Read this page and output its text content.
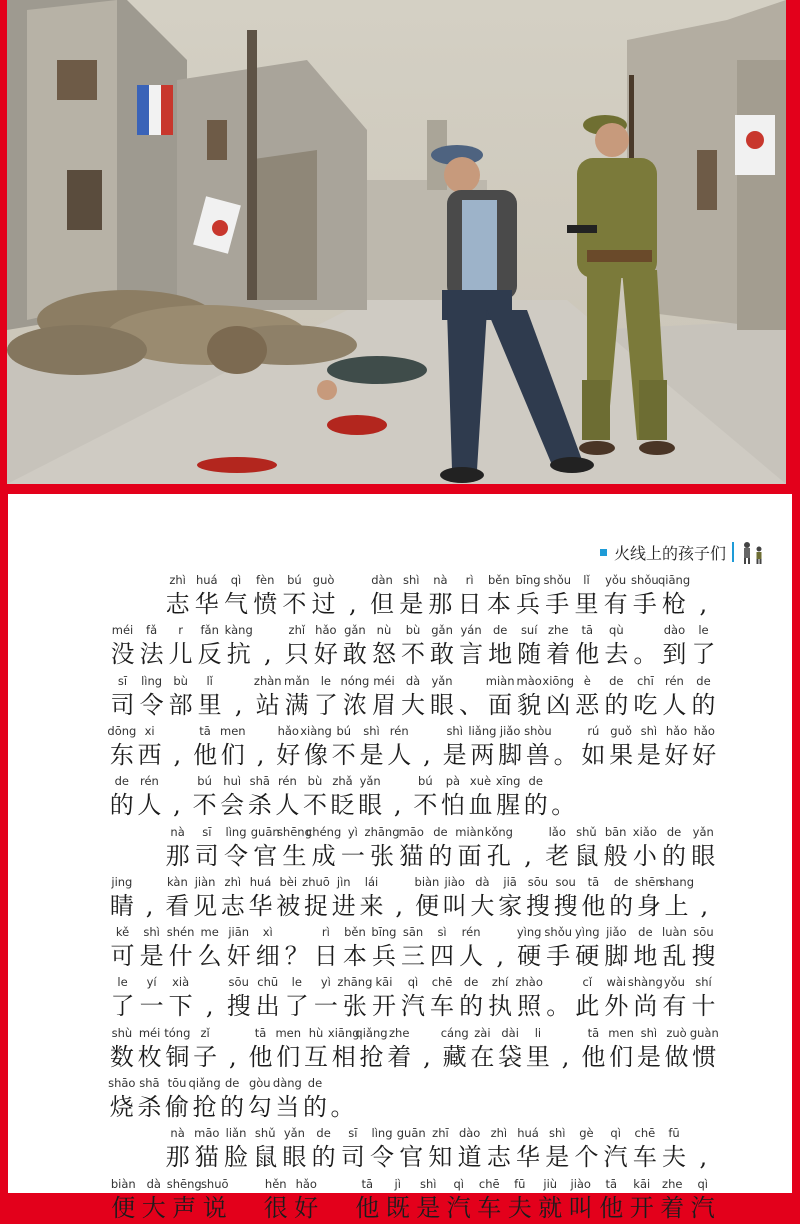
火线上的孩子们
zhì
志
huá
华
qì
气
fèn
愤
bú
不
guò
过 ,
dàn
但
shì
是
nà
那
rì
日
běn
本
bīng
兵
shǒu
手
lǐ
里
yǒu
有
shǒu
手
qiāng
枪 ,
méi
没
fǎ
法
r
儿
fǎn
反
kàng
抗 ,
zhǐ
只
hǎo
好
gǎn
敢
nù
怒
bù
不
gǎn
敢
yán
言
de
地
suí
随
zhe
着
tā
他
qù
去 。
dào
到
le
了
sī
司
lìng
令
bù
部
lǐ
里 ,
zhàn
站
mǎn
满
le
了
nóng
浓
méi
眉
dà
大
yǎn
眼 、
miàn
面
mào
貌
xiōng
凶
è
恶
de
的
chī
吃
rén
人
de
的
dōng
东
xi
西 ,
tā
他
men
们 ,
hǎo
好
xiàng
像
bú
不
shì
是
rén
人 ,
shì
是
liǎng
两
jiǎo
脚
shòu
兽 。
rú
如
guǒ
果
shì
是
hǎo
好
hǎo
好
de
的
rén
人 ,
bú
不
huì
会
shā
杀
rén
人
bù
不
zhǎ
眨
yǎn
眼 ,
bú
不
pà
怕
xuè
血
xīng
腥
de
的 。
nà
那
sī
司
lìng
令
guān
官
shēng
生
chéng
成
yì
一
zhāng
张
māo
猫
de
的
miàn
面
kǒng
孔 ,
lǎo
老
shǔ
鼠
bān
般
xiǎo
小
de
的
yǎn
眼
jing
睛 ,
kàn
看
jiàn
见
zhì
志
huá
华
bèi
被
zhuō
捉
jìn
进
lái
来 ,
biàn
便
jiào
叫
dà
大
jiā
家
sōu
搜
sou
搜
tā
他
de
的
shēn
身
shang
上 ,
kě
可
shì
是
shén
什
me
么
jiān
奸
xì
细 ？
rì
日
běn
本
bīng
兵
sān
三
sì
四
rén
人 ,
yìng
硬
shǒu
手
yìng
硬
jiǎo
脚
de
地
luàn
乱
sōu
搜
le
了
yí
一
xià
下 ,
sōu
搜
chū
出
le
了
yì
一
zhāng
张
kāi
开
qì
汽
chē
车
de
的
zhí
执
zhào
照 。
cǐ
此
wài
外
shàng
尚
yǒu
有
shí
十
shù
数
méi
枚
tóng
铜
zǐ
子 ,
tā
他
men
们
hù
互
xiāng
相
qiǎng
抢
zhe
着 ,
cáng
藏
zài
在
dài
袋
li
里 ,
tā
他
men
们
shì
是
zuò
做
guàn
惯
shāo
烧
shā
杀
tōu
偷
qiǎng
抢
de
的
gòu
勾
dàng
当
de
的 。
nà
那
māo
猫
liǎn
脸
shǔ
鼠
yǎn
眼
de
的
sī
司
lìng
令
guān
官
zhī
知
dào
道
zhì
志
huá
华
shì
是
gè
个
qì
汽
chē
车
fū
夫 ,
biàn
便
dà
大
shēng
声
shuō
说
hěn
很
hǎo
好
tā
他
jì
既
shì
是
qì
汽
chē
车
fū
夫
jiù
就
jiào
叫
tā
他
kāi
开
zhe
着
qì
汽
